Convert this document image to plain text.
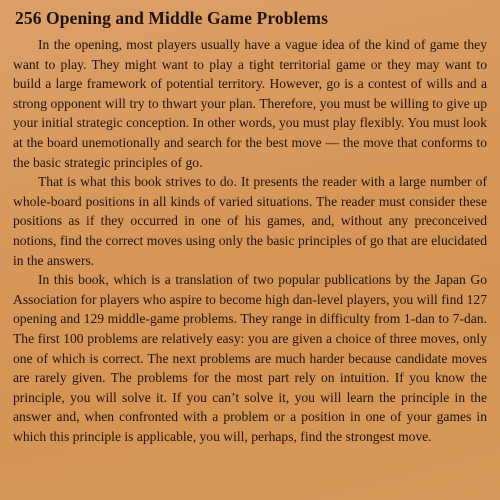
256 Opening and Middle Game Problems

In the opening, most players usually have a vague idea of the kind of game they want to play. They might want to play a tight territorial game or they may want to build a large framework of potential territory. However, go is a contest of wills and a strong opponent will try to thwart your plan. Therefore, you must be willing to give up your initial strategic conception. In other words, you must play flexibly. You must look at the board unemotionally and search for the best move — the move that conforms to the basic strategic principles of go.

That is what this book strives to do. It presents the reader with a large number of whole-board positions in all kinds of varied situations. The reader must consider these positions as if they occurred in one of his games, and, without any preconceived notions, find the correct moves using only the basic principles of go that are elucidated in the answers.

In this book, which is a translation of two popular publications by the Japan Go Association for players who aspire to become high dan-level players, you will find 127 opening and 129 middle-game problems. They range in difficulty from 1-dan to 7-dan. The first 100 problems are relatively easy: you are given a choice of three moves, only one of which is correct. The next problems are much harder because candidate moves are rarely given. The problems for the most part rely on intuition. If you know the principle, you will solve it. If you can’t solve it, you will learn the principle in the answer and, when confronted with a problem or a position in one of your games in which this principle is applicable, you will, perhaps, find the strongest move.
